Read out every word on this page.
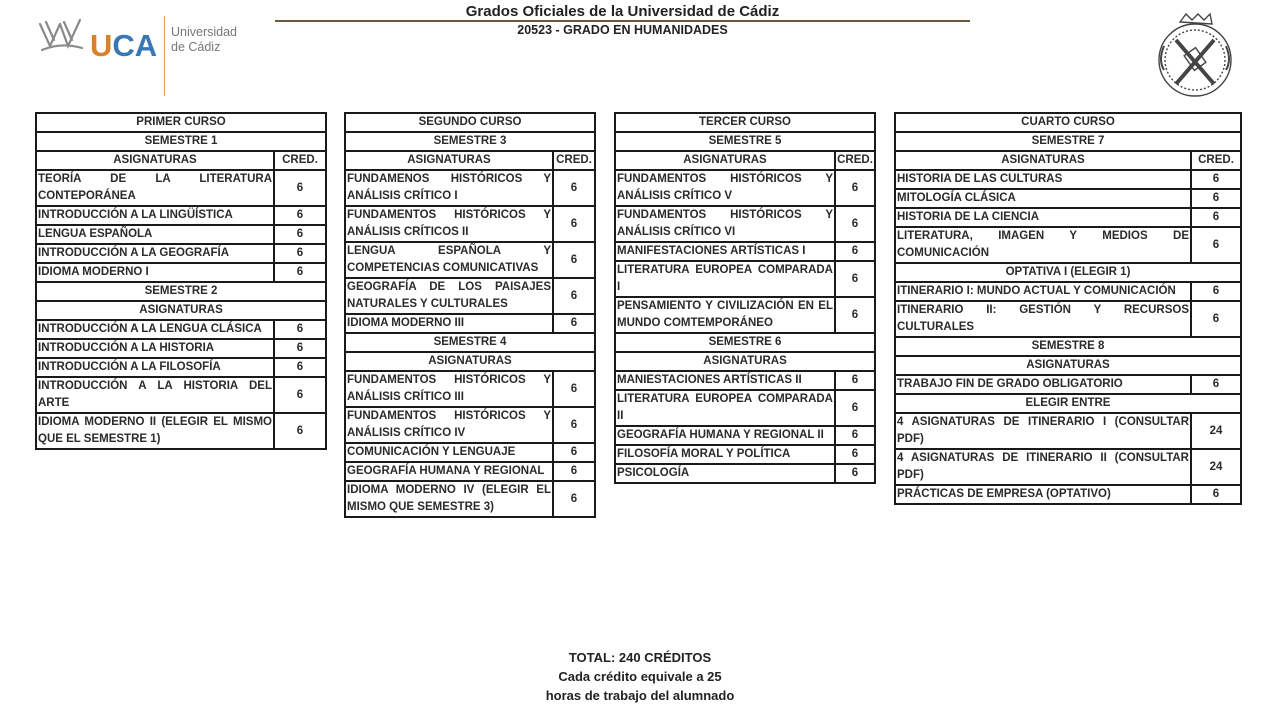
UCA Universidad
de Cádiz
Grados Oficiales de la Universidad de Cádiz
20523 - GRADO EN HUMANIDADES
PRIMER CURSO	
SEMESTRE 1	
ASIGNATURAS	CRED.
TEORÍA DE LA LITERATURA CONTEPORÁNEA	6
INTRODUCCIÓN A LA LINGÜÍSTICA	6
LENGUA ESPAÑOLA	6
INTRODUCCIÓN A LA GEOGRAFÍA	6
IDIOMA MODERNO I	6
SEMESTRE 2	
ASIGNATURAS	
INTRODUCCIÓN A LA LENGUA CLÁSICA	6
INTRODUCCIÓN A LA HISTORIA	6
INTRODUCCIÓN A LA FILOSOFÍA	6
INTRODUCCIÓN A LA HISTORIA DEL ARTE	6
IDIOMA MODERNO II (ELEGIR EL MISMO QUE EL SEMESTRE 1)	6
SEGUNDO CURSO	
SEMESTRE 3	
ASIGNATURAS	CRED.
FUNDAMENOS HISTÓRICOS Y ANÁLISIS CRÍTICO I	6
FUNDAMENTOS HISTÓRICOS Y ANÁLISIS CRÍTICOS II	6
LENGUA ESPAÑOLA Y COMPETENCIAS COMUNICATIVAS	6
GEOGRAFÍA DE LOS PAISAJES NATURALES Y CULTURALES	6
IDIOMA MODERNO III	6
SEMESTRE 4	
ASIGNATURAS	
FUNDAMENTOS HISTÓRICOS Y ANÁLISIS CRÍTICO III	6
FUNDAMENTOS HISTÓRICOS Y ANÁLISIS CRÍTICO IV	6
COMUNICACIÓN Y LENGUAJE	6
GEOGRAFÍA HUMANA Y REGIONAL	6
IDIOMA MODERNO IV (ELEGIR EL MISMO QUE SEMESTRE 3)	6
TERCER CURSO	
SEMESTRE 5	
ASIGNATURAS	CRED.
FUNDAMENTOS HISTÓRICOS Y ANÁLISIS CRÍTICO V	6
FUNDAMENTOS HISTÓRICOS Y ANÁLISIS CRÍTICO VI	6
MANIFESTACIONES ARTÍSTICAS I	6
LITERATURA EUROPEA COMPARADA I	6
PENSAMIENTO Y CIVILIZACIÓN EN EL MUNDO COMTEMPORÁNEO	6
SEMESTRE 6	
ASIGNATURAS	
MANIESTACIONES ARTÍSTICAS II	6
LITERATURA EUROPEA COMPARADA II	6
GEOGRAFÍA HUMANA Y REGIONAL II	6
FILOSOFÍA MORAL Y POLÍTICA	6
PSICOLOGÍA	6
CUARTO CURSO	
SEMESTRE 7	
ASIGNATURAS	CRED.
HISTORIA DE LAS CULTURAS	6
MITOLOGÍA CLÁSICA	6
HISTORIA DE LA CIENCIA	6
LITERATURA, IMAGEN Y MEDIOS DE COMUNICACIÓN	6
OPTATIVA I (ELEGIR 1)	
ITINERARIO I: MUNDO ACTUAL Y COMUNICACIÓN	6
ITINERARIO II: GESTIÓN Y RECURSOS CULTURALES	6
SEMESTRE 8	
ASIGNATURAS	
TRABAJO FIN DE GRADO OBLIGATORIO	6
ELEGIR ENTRE	
4 ASIGNATURAS DE ITINERARIO I (CONSULTAR PDF)	24
4 ASIGNATURAS DE ITINERARIO II (CONSULTAR PDF)	24
PRÁCTICAS DE EMPRESA (OPTATIVO)	6
TOTAL: 240 CRÉDITOS
Cada crédito equivale a 25
horas de trabajo del alumnado
